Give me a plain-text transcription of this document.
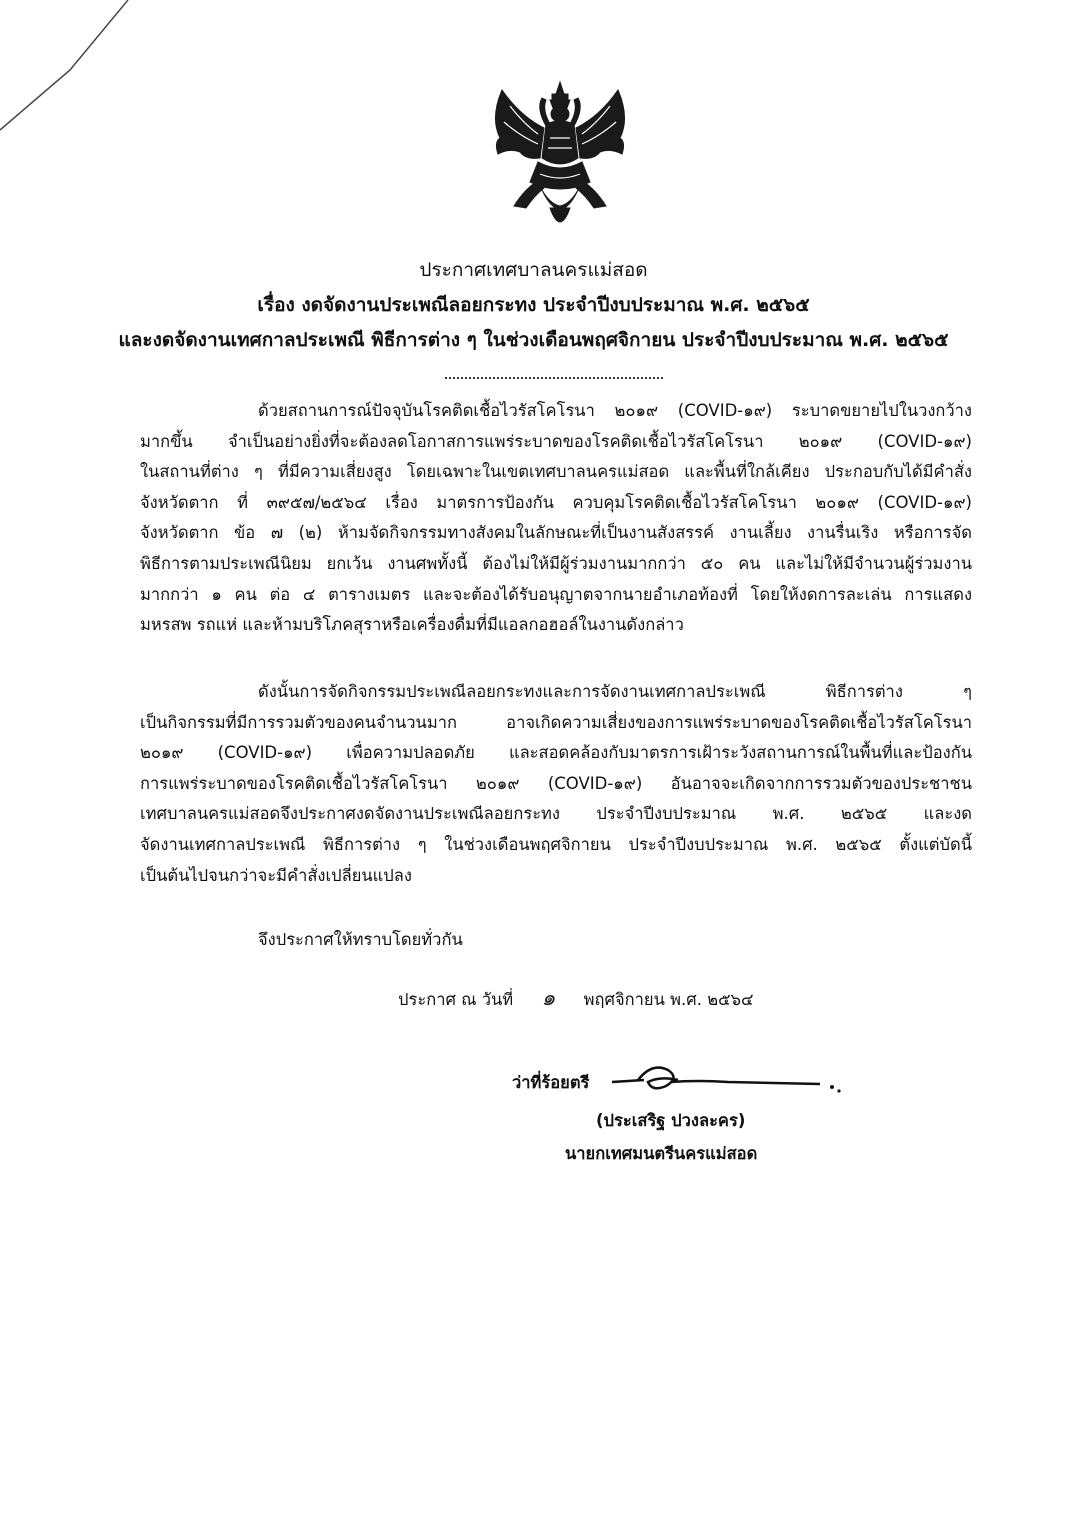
ประกาศเทศบาลนครแม่สอด
เรื่อง งดจัดงานประเพณีลอยกระทง ประจำปีงบประมาณ พ.ศ. ๒๕๖๕
และงดจัดงานเทศกาลประเพณี พิธีการต่าง ๆ ในช่วงเดือนพฤศจิกายน ประจำปีงบประมาณ พ.ศ. ๒๕๖๕
ด้วยสถานการณ์ปัจจุบันโรคติดเชื้อไวรัสโคโรนา ๒๐๑๙ (COVID-๑๙) ระบาดขยายไปในวงกว้าง
มากขึ้น จำเป็นอย่างยิ่งที่จะต้องลดโอกาสการแพร่ระบาดของโรคติดเชื้อไวรัสโคโรนา ๒๐๑๙ (COVID-๑๙)
ในสถานที่ต่าง ๆ ที่มีความเสี่ยงสูง โดยเฉพาะในเขตเทศบาลนครแม่สอด และพื้นที่ใกล้เคียง ประกอบกับได้มีคำสั่ง
จังหวัดตาก ที่ ๓๙๕๗/๒๕๖๔ เรื่อง มาตรการป้องกัน ควบคุมโรคติดเชื้อไวรัสโคโรนา ๒๐๑๙ (COVID-๑๙)
จังหวัดตาก ข้อ ๗ (๒) ห้ามจัดกิจกรรมทางสังคมในลักษณะที่เป็นงานสังสรรค์ งานเลี้ยง งานรื่นเริง หรือการจัด
พิธีการตามประเพณีนิยม ยกเว้น งานศพทั้งนี้ ต้องไม่ให้มีผู้ร่วมงานมากกว่า ๕๐ คน และไม่ให้มีจำนวนผู้ร่วมงาน
มากกว่า ๑ คน ต่อ ๔ ตารางเมตร และจะต้องได้รับอนุญาตจากนายอำเภอท้องที่ โดยให้งดการละเล่น การแสดง
มหรสพ รถแห่ และห้ามบริโภคสุราหรือเครื่องดื่มที่มีแอลกอฮอล์ในงานดังกล่าว
ดังนั้นการจัดกิจกรรมประเพณีลอยกระทงและการจัดงานเทศกาลประเพณี พิธีการต่าง ๆ
เป็นกิจกรรมที่มีการรวมตัวของคนจำนวนมาก อาจเกิดความเสี่ยงของการแพร่ระบาดของโรคติดเชื้อไวรัสโคโรนา
๒๐๑๙ (COVID-๑๙) เพื่อความปลอดภัย และสอดคล้องกับมาตรการเฝ้าระวังสถานการณ์ในพื้นที่และป้องกัน
การแพร่ระบาดของโรคติดเชื้อไวรัสโคโรนา ๒๐๑๙ (COVID-๑๙) อันอาจจะเกิดจากการรวมตัวของประชาชน
เทศบาลนครแม่สอดจึงประกาศงดจัดงานประเพณีลอยกระทง ประจำปีงบประมาณ พ.ศ. ๒๕๖๕ และงด
จัดงานเทศกาลประเพณี พิธีการต่าง ๆ ในช่วงเดือนพฤศจิกายน ประจำปีงบประมาณ พ.ศ. ๒๕๖๕ ตั้งแต่บัดนี้
เป็นต้นไปจนกว่าจะมีคำสั่งเปลี่ยนแปลง
จึงประกาศให้ทราบโดยทั่วกัน
ประกาศ ณ วันที่ ๑ พฤศจิกายน พ.ศ. ๒๕๖๔
ว่าที่ร้อยตรี
(ประเสริฐ ปวงละคร)
นายกเทศมนตรีนครแม่สอด
